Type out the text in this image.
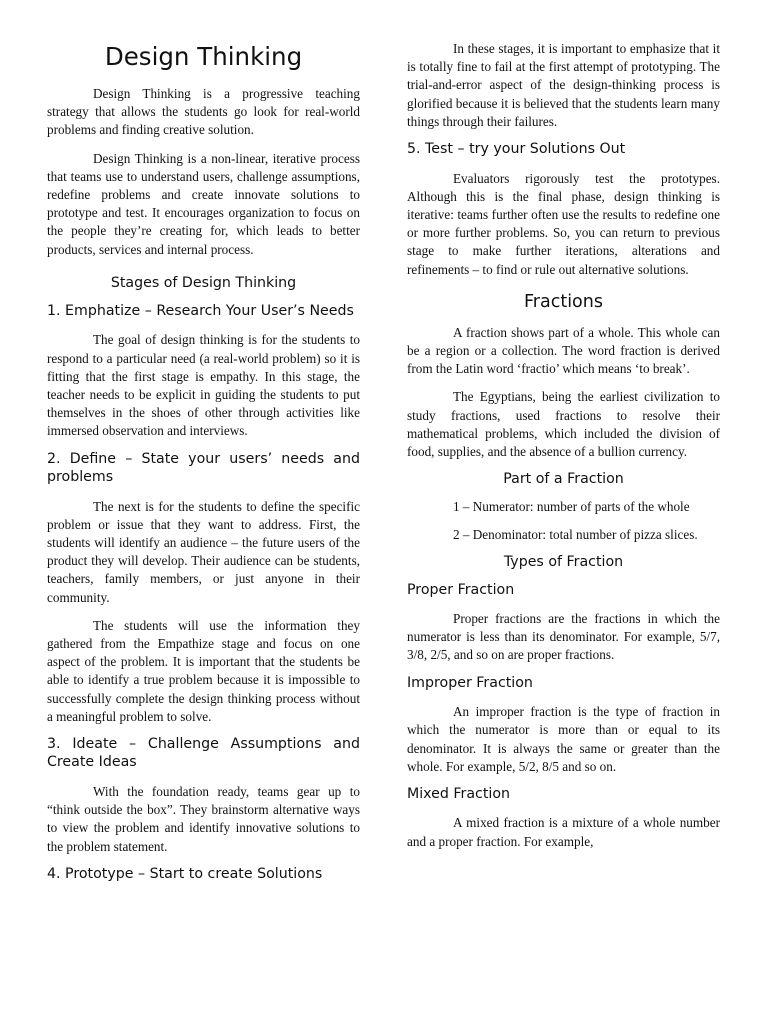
Design Thinking

Design Thinking is a progressive teaching strategy that allows the students go look for real-world problems and finding creative solution.

Design Thinking is a non-linear, iterative process that teams use to understand users, challenge assumptions, redefine problems and create innovate solutions to prototype and test. It encourages organization to focus on the people they’re creating for, which leads to better products, services and internal process.

Stages of Design Thinking
1. Emphatize – Research Your User’s Needs

The goal of design thinking is for the students to respond to a particular need (a real-world problem) so it is fitting that the first stage is empathy. In this stage, the teacher needs to be explicit in guiding the students to put themselves in the shoes of other through activities like immersed observation and interviews.

2. Define – State your users’ needs and problems

The next is for the students to define the specific problem or issue that they want to address. First, the students will identify an audience – the future users of the product they will develop. Their audience can be students, teachers, family members, or just anyone in their community.

The students will use the information they gathered from the Empathize stage and focus on one aspect of the problem. It is important that the students be able to identify a true problem because it is impossible to successfully complete the design thinking process without a meaningful problem to solve.

3. Ideate – Challenge Assumptions and Create Ideas

With the foundation ready, teams gear up to “think outside the box”. They brainstorm alternative ways to view the problem and identify innovative solutions to the problem statement.

4. Prototype – Start to create Solutions

In these stages, it is important to emphasize that it is totally fine to fail at the first attempt of prototyping. The trial-and-error aspect of the design-thinking process is glorified because it is believed that the students learn many things through their failures.

5. Test – try your Solutions Out

Evaluators rigorously test the prototypes. Although this is the final phase, design thinking is iterative: teams further often use the results to redefine one or more further problems. So, you can return to previous stage to make further iterations, alterations and refinements – to find or rule out alternative solutions.

Fractions

A fraction shows part of a whole. This whole can be a region or a collection. The word fraction is derived from the Latin word ‘fractio’ which means ‘to break’.

The Egyptians, being the earliest civilization to study fractions, used fractions to resolve their mathematical problems, which included the division of food, supplies, and the absence of a bullion currency.

Part of a Fraction

1 – Numerator: number of parts of the whole

2 – Denominator: total number of pizza slices.

Types of Fraction
Proper Fraction

Proper fractions are the fractions in which the numerator is less than its denominator. For example, 5/7, 3/8, 2/5, and so on are proper fractions.

Improper Fraction

An improper fraction is the type of fraction in which the numerator is more than or equal to its denominator. It is always the same or greater than the whole. For example, 5/2, 8/5 and so on.

Mixed Fraction

A mixed fraction is a mixture of a whole number and a proper fraction. For example,
